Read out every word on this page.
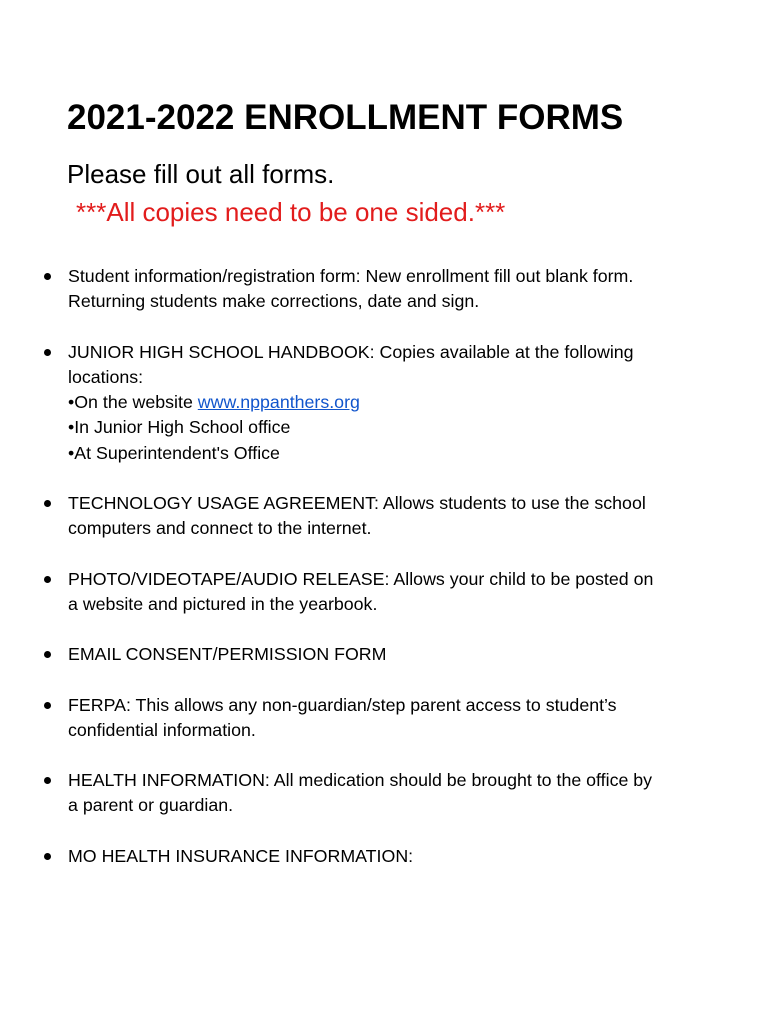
2021-2022 ENROLLMENT FORMS

Please fill out all forms.

***All copies need to be one sided.***

Student information/registration form: New enrollment fill out blank form.
Returning students make corrections, date and sign.
JUNIOR HIGH SCHOOL HANDBOOK: Copies available at the following
locations:
•On the website www.nppanthers.org
•In Junior High School office
•At Superintendent's Office
TECHNOLOGY USAGE AGREEMENT: Allows students to use the school
computers and connect to the internet.
PHOTO/VIDEOTAPE/AUDIO RELEASE: Allows your child to be posted on
a website and pictured in the yearbook.
EMAIL CONSENT/PERMISSION FORM
FERPA: This allows any non-guardian/step parent access to student’s
confidential information.
HEALTH INFORMATION: All medication should be brought to the office by
a parent or guardian.
MO HEALTH INSURANCE INFORMATION:
